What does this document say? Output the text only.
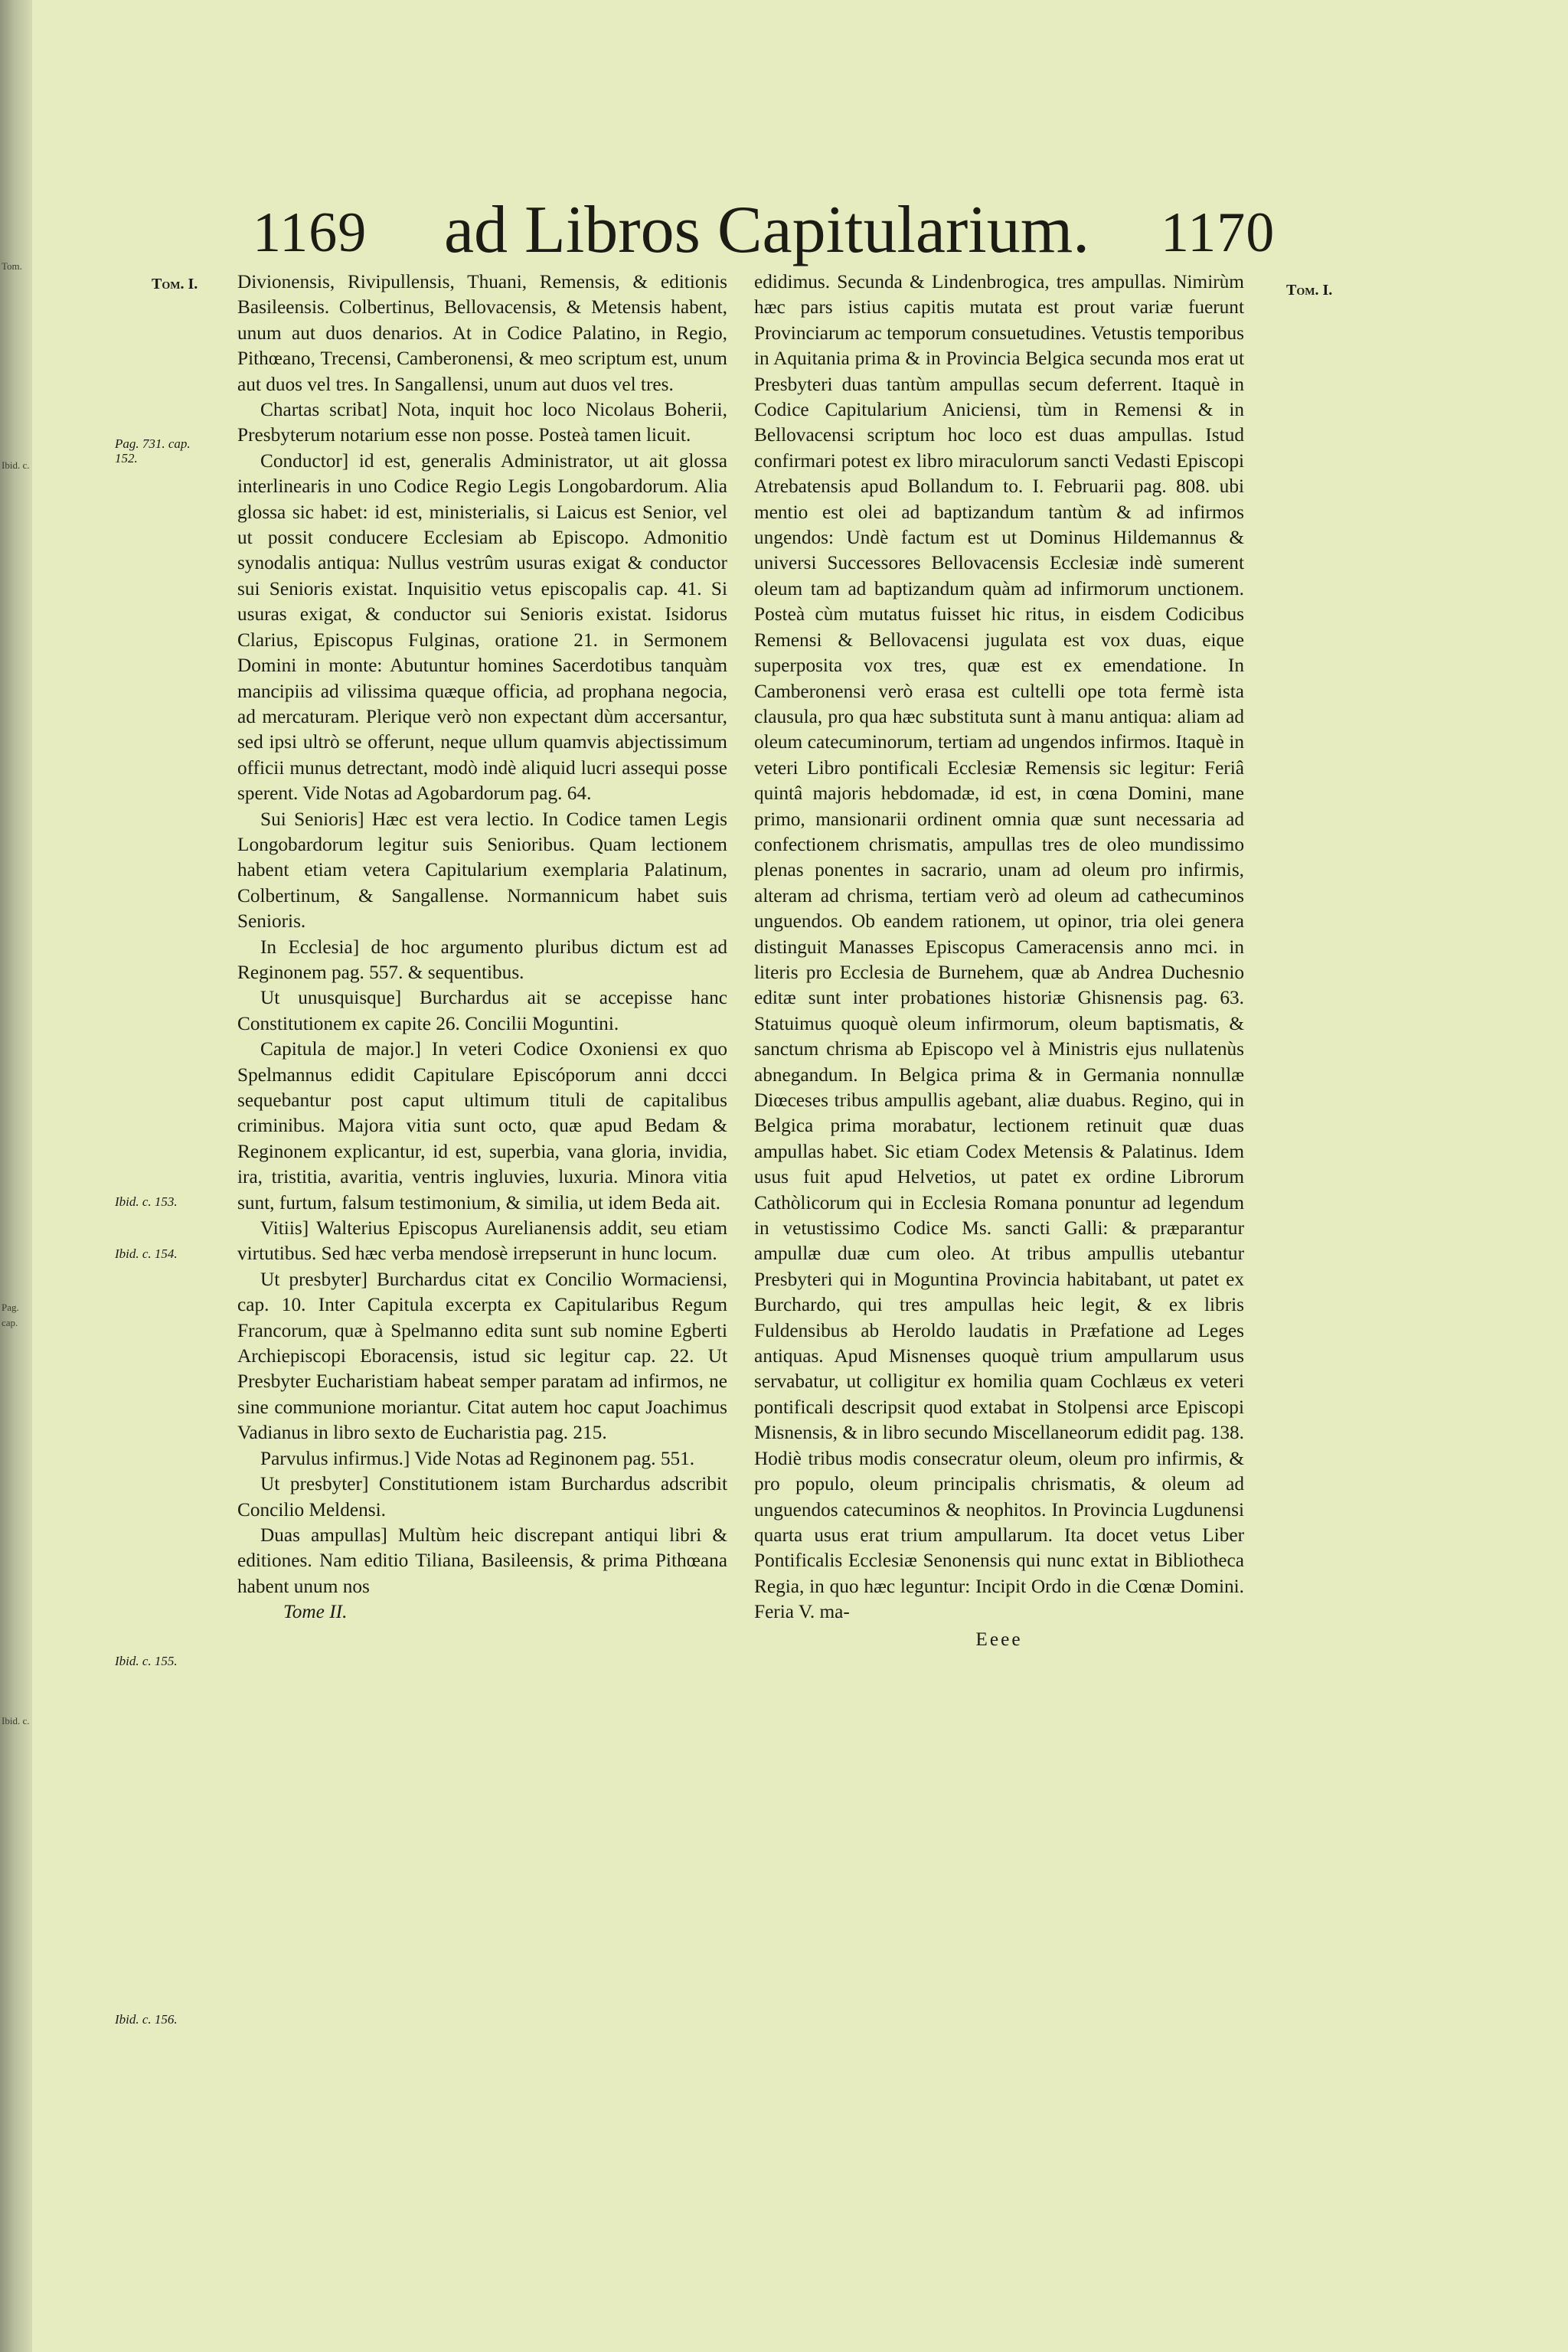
Tom.
Ibid. c.
Pag.
cap.
Ibid. c.
1169 ad Libros Capitularium. 1170
Tom. I.	Tom. I.
Pag. 731. cap. 152.
Ibid. c. 153.
Ibid. c. 154.
Ibid. c. 155.
Ibid. c. 156.

Divionensis, Rivipullensis, Thuani, Remensis, & editionis Basileensis. Colbertinus, Bellovacensis, & Metensis habent, unum aut duos denarios. At in Codice Palatino, in Regio, Pithœano, Trecensi, Camberonensi, & meo scriptum est, unum aut duos vel tres. In Sangallensi, unum aut duos vel tres.

Chartas scribat] Nota, inquit hoc loco Nicolaus Boherii, Presbyterum notarium esse non posse. Posteà tamen licuit.

Conductor] id est, generalis Administrator, ut ait glossa interlinearis in uno Codice Regio Legis Longobardorum. Alia glossa sic habet: id est, ministerialis, si Laicus est Senior, vel ut possit conducere Ecclesiam ab Episcopo. Admonitio synodalis antiqua: Nullus vestrûm usuras exigat & conductor sui Senioris existat. Inquisitio vetus episcopalis cap. 41. Si usuras exigat, & conductor sui Senioris existat. Isidorus Clarius, Episcopus Fulginas, oratione 21. in Sermonem Domini in monte: Abutuntur homines Sacerdotibus tanquàm mancipiis ad vilissima quæque officia, ad prophana negocia, ad mercaturam. Plerique verò non expectant dùm accersantur, sed ipsi ultrò se offerunt, neque ullum quamvis abjectissimum officii munus detrectant, modò indè aliquid lucri assequi posse sperent. Vide Notas ad Agobardorum pag. 64.

Sui Senioris] Hæc est vera lectio. In Codice tamen Legis Longobardorum legitur suis Senioribus. Quam lectionem habent etiam vetera Capitularium exemplaria Palatinum, Colbertinum, & Sangallense. Normannicum habet suis Senioris.

In Ecclesia] de hoc argumento pluribus dictum est ad Reginonem pag. 557. & sequentibus.

Ut unusquisque] Burchardus ait se accepisse hanc Constitutionem ex capite 26. Concilii Moguntini.

Capitula de major.] In veteri Codice Oxoniensi ex quo Spelmannus edidit Capitulare Episcóporum anni dccci sequebantur post caput ultimum tituli de capitalibus criminibus. Majora vitia sunt octo, quæ apud Bedam & Reginonem explicantur, id est, superbia, vana gloria, invidia, ira, tristitia, avaritia, ventris ingluvies, luxuria. Minora vitia sunt, furtum, falsum testimonium, & similia, ut idem Beda ait.

Vitiis] Walterius Episcopus Aurelianensis addit, seu etiam virtutibus. Sed hæc verba mendosè irrepserunt in hunc locum.

Ut presbyter] Burchardus citat ex Concilio Wormaciensi, cap. 10. Inter Capitula excerpta ex Capitularibus Regum Francorum, quæ à Spelmanno edita sunt sub nomine Egberti Archiepiscopi Eboracensis, istud sic legitur cap. 22. Ut Presbyter Eucharistiam habeat semper paratam ad infirmos, ne sine communione moriantur. Citat autem hoc caput Joachimus Vadianus in libro sexto de Eucharistia pag. 215.

Parvulus infirmus.] Vide Notas ad Reginonem pag. 551.

Ut presbyter] Constitutionem istam Burchardus adscribit Concilio Meldensi.

Duas ampullas] Multùm heic discrepant antiqui libri & editiones. Nam editio Tiliana, Basileensis, & prima Pithœana habent unum nos

Tome II.

edidimus. Secunda & Lindenbrogica, tres ampullas. Nimirùm hæc pars istius capitis mutata est prout variæ fuerunt Provinciarum ac temporum consuetudines. Vetustis temporibus in Aquitania prima & in Provincia Belgica secunda mos erat ut Presbyteri duas tantùm ampullas secum deferrent. Itaquè in Codice Capitularium Aniciensi, tùm in Remensi & in Bellovacensi scriptum hoc loco est duas ampullas. Istud confirmari potest ex libro miraculorum sancti Vedasti Episcopi Atrebatensis apud Bollandum to. I. Februarii pag. 808. ubi mentio est olei ad baptizandum tantùm & ad infirmos ungendos: Undè factum est ut Dominus Hildemannus & universi Successores Bellovacensis Ecclesiæ indè sumerent oleum tam ad baptizandum quàm ad infirmorum unctionem. Posteà cùm mutatus fuisset hic ritus, in eisdem Codicibus Remensi & Bellovacensi jugulata est vox duas, eique superposita vox tres, quæ est ex emendatione. In Camberonensi verò erasa est cultelli ope tota fermè ista clausula, pro qua hæc substituta sunt à manu antiqua: aliam ad oleum catecuminorum, tertiam ad ungendos infirmos. Itaquè in veteri Libro pontificali Ecclesiæ Remensis sic legitur: Feriâ quintâ majoris hebdomadæ, id est, in cœna Domini, mane primo, mansionarii ordinent omnia quæ sunt necessaria ad confectionem chrismatis, ampullas tres de oleo mundissimo plenas ponentes in sacrario, unam ad oleum pro infirmis, alteram ad chrisma, tertiam verò ad oleum ad cathecuminos unguendos. Ob eandem rationem, ut opinor, tria olei genera distinguit Manasses Episcopus Cameracensis anno mci. in literis pro Ecclesia de Burnehem, quæ ab Andrea Duchesnio editæ sunt inter probationes historiæ Ghisnensis pag. 63. Statuimus quoquè oleum infirmorum, oleum baptismatis, & sanctum chrisma ab Episcopo vel à Ministris ejus nullatenùs abnegandum. In Belgica prima & in Germania nonnullæ Diœceses tribus ampullis agebant, aliæ duabus. Regino, qui in Belgica prima morabatur, lectionem retinuit quæ duas ampullas habet. Sic etiam Codex Metensis & Palatinus. Idem usus fuit apud Helvetios, ut patet ex ordine Librorum Cathòlicorum qui in Ecclesia Romana ponuntur ad legendum in vetustissimo Codice Ms. sancti Galli: & præparantur ampullæ duæ cum oleo. At tribus ampullis utebantur Presbyteri qui in Moguntina Provincia habitabant, ut patet ex Burchardo, qui tres ampullas heic legit, & ex libris Fuldensibus ab Heroldo laudatis in Præfatione ad Leges antiquas. Apud Misnenses quoquè trium ampullarum usus servabatur, ut colligitur ex homilia quam Cochlæus ex veteri pontificali descripsit quod extabat in Stolpensi arce Episcopi Misnensis, & in libro secundo Miscellaneorum edidit pag. 138. Hodiè tribus modis consecratur oleum, oleum pro infirmis, & pro populo, oleum principalis chrismatis, & oleum ad unguendos catecuminos & neophitos. In Provincia Lugdunensi quarta usus erat trium ampullarum. Ita docet vetus Liber Pontificalis Ecclesiæ Senonensis qui nunc extat in Bibliotheca Regia, in quo hæc leguntur: Incipit Ordo in die Cœnæ Domini. Feria V. ma-

Eeee
